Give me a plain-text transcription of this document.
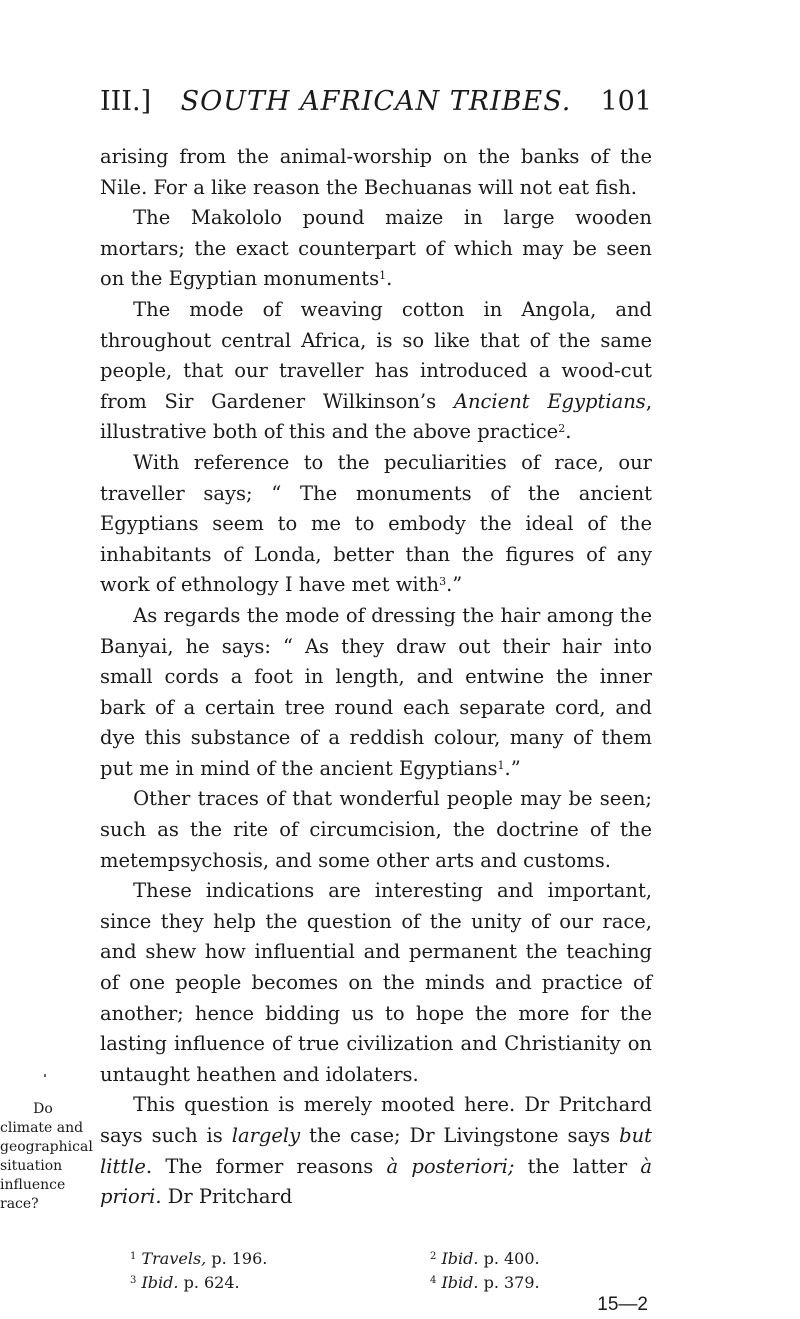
III.]	SOUTH AFRICAN TRIBES.	101

arising from the animal-worship on the banks of the Nile. For a like reason the Bechuanas will not eat fish.

The Makololo pound maize in large wooden mortars; the exact counterpart of which may be seen on the Egyptian monuments$^1$.

The mode of weaving cotton in Angola, and throughout central Africa, is so like that of the same people, that our traveller has introduced a wood-cut from Sir Gardener Wilkinson’s Ancient Egyptians, illustrative both of this and the above practice$^2$.

With reference to the peculiarities of race, our traveller says; “ The monuments of the ancient Egyptians seem to me to embody the ideal of the inhabitants of Londa, better than the figures of any work of ethnology I have met with$^3$.”

As regards the mode of dressing the hair among the Banyai, he says: “ As they draw out their hair into small cords a foot in length, and entwine the inner bark of a certain tree round each separate cord, and dye this substance of a reddish colour, many of them put me in mind of the ancient Egyptians$^1$.”

Other traces of that wonderful people may be seen; such as the rite of circumcision, the doctrine of the metempsychosis, and some other arts and customs.

These indications are interesting and important, since they help the question of the unity of our race, and shew how influential and permanent the teaching of one people becomes on the minds and practice of another; hence bidding us to hope the more for the lasting influence of true civilization and Christianity on untaught heathen and idolaters.

Do climate and geographical situation influence race?
This question is merely mooted here. Dr Pritchard says such is largely the case; Dr Livingstone says but little. The former reasons à posteriori; the latter à priori. Dr Pritchard

$^1$ Travels, p. 196.	$^2$ Ibid. p. 400.
$^3$ Ibid. p. 624.	$^4$ Ibid. p. 379.
15—2
